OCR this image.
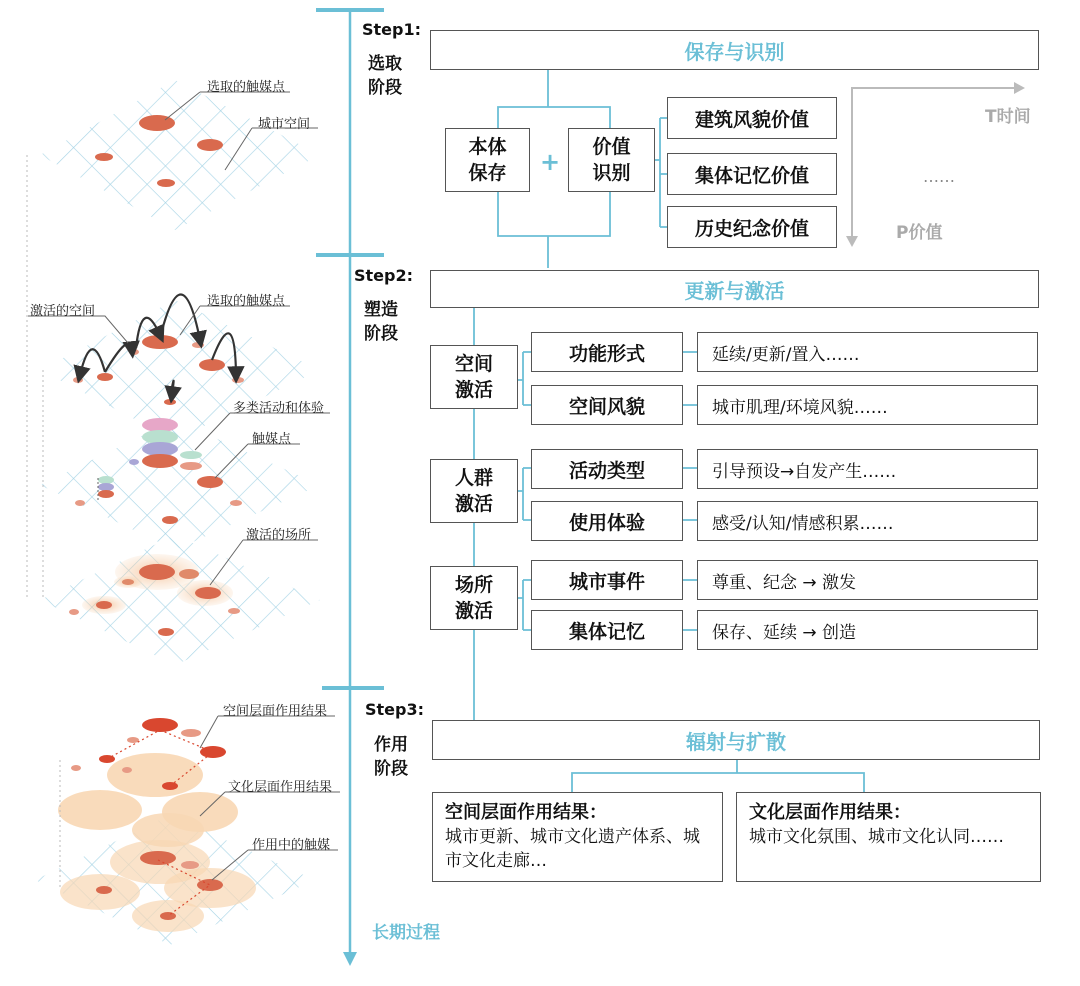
选取的触媒点
城市空间
激活的空间
选取的触媒点
多类活动和体验
触媒点
激活的场所
空间层面作用结果
文化层面作用结果
作用中的触媒
Step1:
选取
阶段
Step2:
塑造
阶段
Step3:
作用
阶段
长期过程
保存与识别
本体
保存	+
价值
识别
建筑风貌价值
集体记忆价值
历史纪念价值
T时间
P价值
……
更新与激活
空间
激活
功能形式	延续/更新/置入……
空间风貌	城市肌理/环境风貌……
人群
激活
活动类型	引导预设→自发产生……
使用体验	感受/认知/情感积累……
场所
激活
城市事件	尊重、纪念 → 激发
集体记忆	保存、延续 → 创造
辐射与扩散
空间层面作用结果：
城市更新、城市文化遗产体系、城市文化走廊…
文化层面作用结果：
城市文化氛围、城市文化认同……
